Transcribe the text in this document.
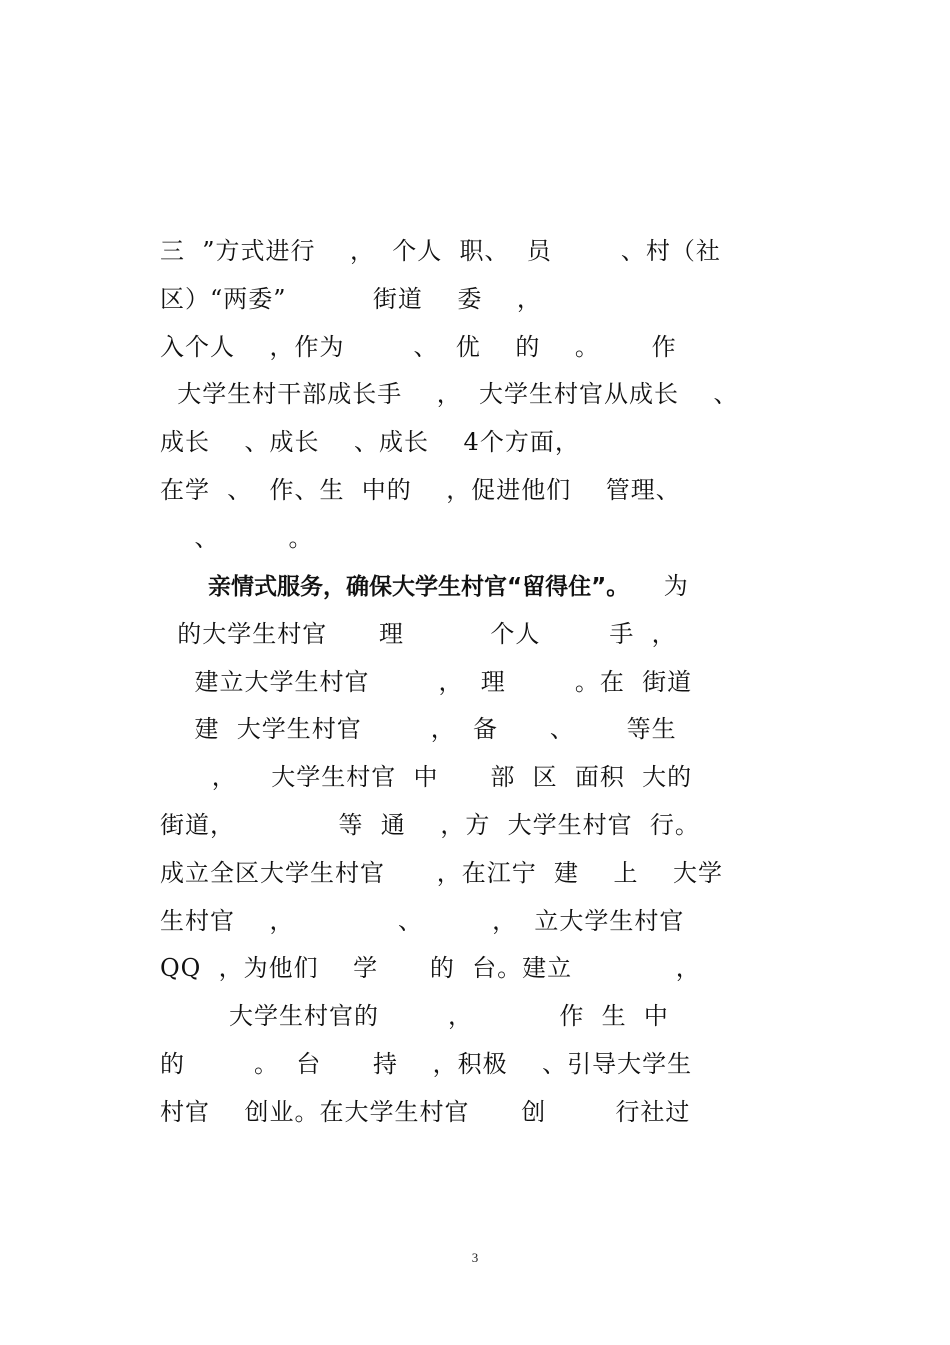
三  ”方式进行    ，  个人  职、  员        、村（社
区）“两委”          街道    委    ，
入个人    ，作为        、  优    的    。      作
大学生村干部成长手    ，  大学生村官从成长    、
成长    、成长    、成长    4个方面，
在学  、  作、生  中的    ，促进他们    管理、
、        。
亲情式服务，确保大学生村官“留得住”。    为
的大学生村官      理          个人        手  ，
建立大学生村官        ，  理        。在  街道
建  大学生村官        ，  备      、      等生
，    大学生村官  中      部  区  面积  大的
街道，            等  通    ，方  大学生村官  行。
成立全区大学生村官      ，在江宁  建    上    大学
生村官    ，            、        ，  立大学生村官
QQ  ，为他们    学      的  台。建立            ，
大学生村官的        ，          作  生  中
的        。  台      持    ，积极    、引导大学生
村官    创业。在大学生村官      创        行社过
3
